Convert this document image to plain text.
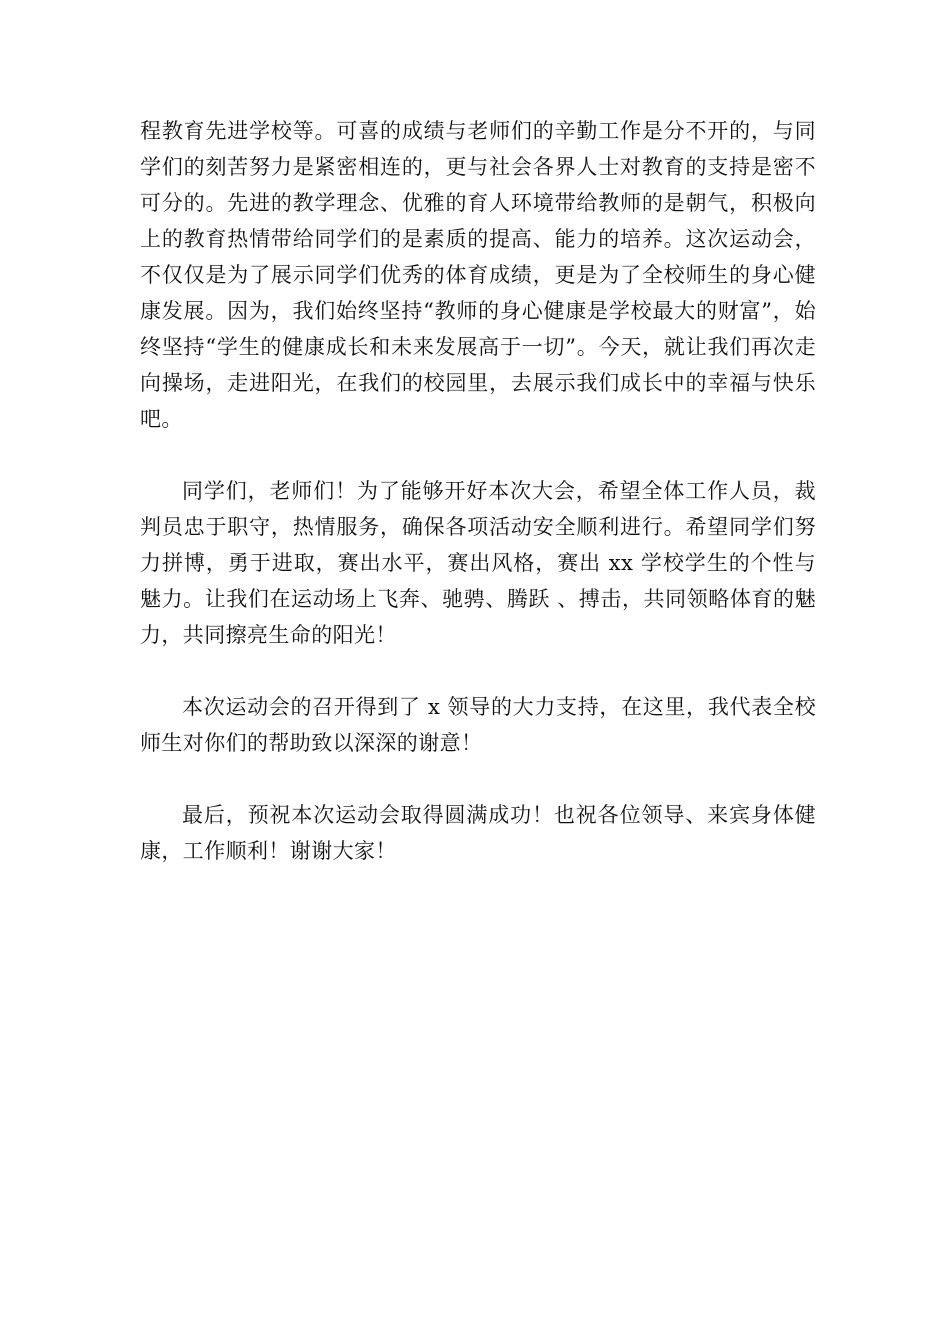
程教育先进学校等。可喜的成绩与老师们的辛勤工作是分不开的，与同学们的刻苦努力是紧密相连的，更与社会各界人士对教育的支持是密不可分的。先进的教学理念、优雅的育人环境带给教师的是朝气，积极向上的教育热情带给同学们的是素质的提高、能力的培养。这次运动会，不仅仅是为了展示同学们优秀的体育成绩，更是为了全校师生的身心健康发展。因为，我们始终坚持“教师的身心健康是学校最大的财富”，始终坚持“学生的健康成长和未来发展高于一切”。今天，就让我们再次走向操场，走进阳光，在我们的校园里，去展示我们成长中的幸福与快乐吧。

同学们，老师们！为了能够开好本次大会，希望全体工作人员，裁判员忠于职守，热情服务，确保各项活动安全顺利进行。希望同学们努力拼博，勇于进取，赛出水平，赛出风格，赛出 xx 学校学生的个性与魅力。让我们在运动场上飞奔、驰骋、腾跃 、搏击，共同领略体育的魅力，共同擦亮生命的阳光！

本次运动会的召开得到了 x 领导的大力支持，在这里，我代表全校师生对你们的帮助致以深深的谢意！

最后，预祝本次运动会取得圆满成功！也祝各位领导、来宾身体健康，工作顺利！谢谢大家！
